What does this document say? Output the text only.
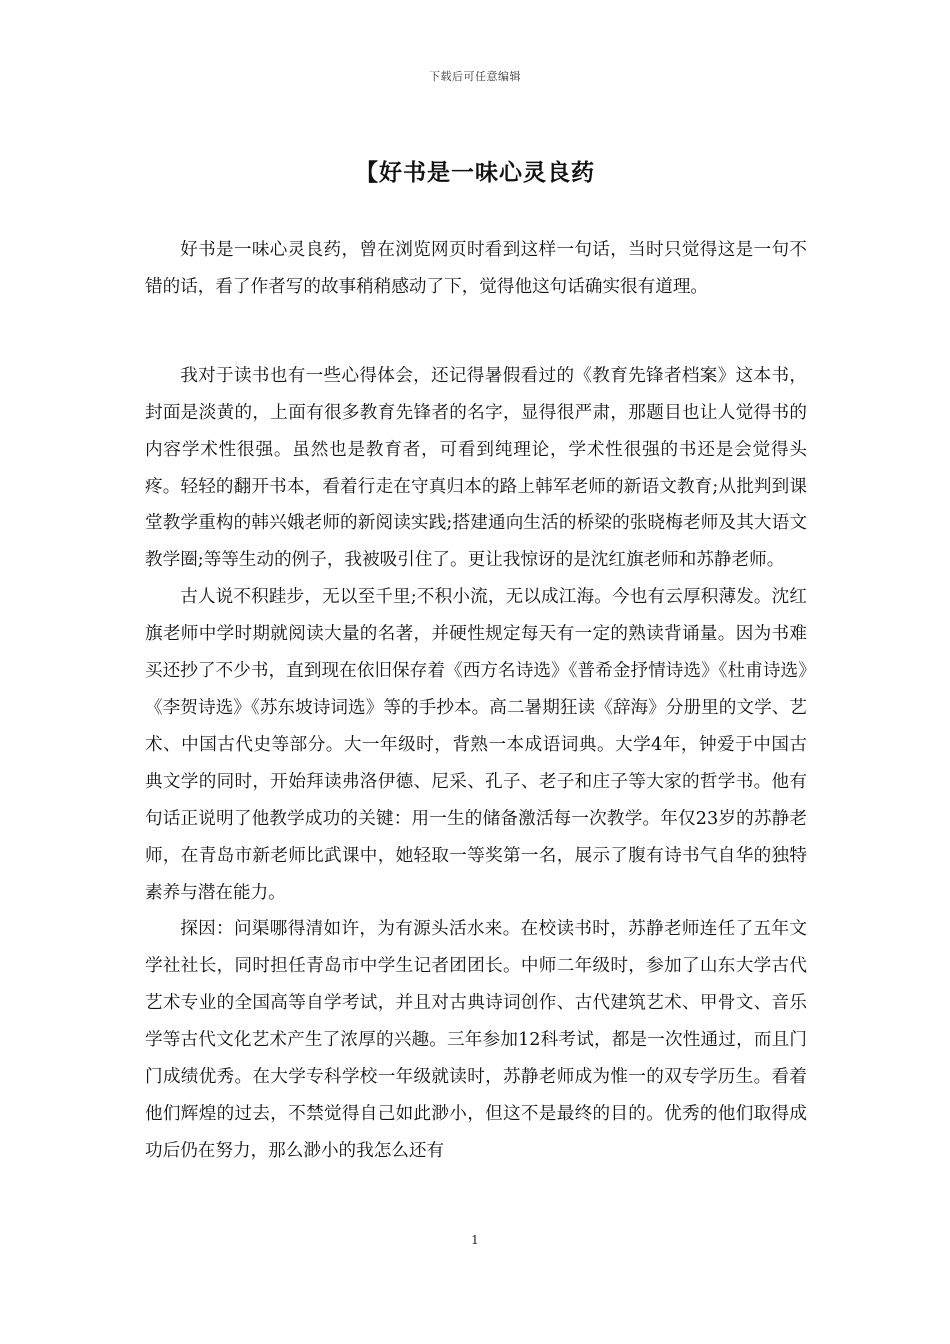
下载后可任意编辑
【好书是一味心灵良药

好书是一味心灵良药，曾在浏览网页时看到这样一句话，当时只觉得这是一句不错的话，看了作者写的故事稍稍感动了下，觉得他这句话确实很有道理。

我对于读书也有一些心得体会，还记得暑假看过的《教育先锋者档案》这本书，封面是淡黄的，上面有很多教育先锋者的名字，显得很严肃，那题目也让人觉得书的内容学术性很强。虽然也是教育者，可看到纯理论，学术性很强的书还是会觉得头疼。轻轻的翻开书本，看着行走在守真归本的路上韩军老师的新语文教育;从批判到课堂教学重构的韩兴娥老师的新阅读实践;搭建通向生活的桥梁的张晓梅老师及其大语文教学圈;等等生动的例子，我被吸引住了。更让我惊讶的是沈红旗老师和苏静老师。

古人说不积跬步，无以至千里;不积小流，无以成江海。今也有云厚积薄发。沈红旗老师中学时期就阅读大量的名著，并硬性规定每天有一定的熟读背诵量。因为书难买还抄了不少书，直到现在依旧保存着《西方名诗选》《普希金抒情诗选》《杜甫诗选》《李贺诗选》《苏东坡诗词选》等的手抄本。高二暑期狂读《辞海》分册里的文学、艺术、中国古代史等部分。大一年级时，背熟一本成语词典。大学4年，钟爱于中国古典文学的同时，开始拜读弗洛伊德、尼采、孔子、老子和庄子等大家的哲学书。他有句话正说明了他教学成功的关键：用一生的储备激活每一次教学。年仅23岁的苏静老师，在青岛市新老师比武课中，她轻取一等奖第一名，展示了腹有诗书气自华的独特素养与潜在能力。

探因：问渠哪得清如许，为有源头活水来。在校读书时，苏静老师连任了五年文学社社长，同时担任青岛市中学生记者团团长。中师二年级时，参加了山东大学古代艺术专业的全国高等自学考试，并且对古典诗词创作、古代建筑艺术、甲骨文、音乐学等古代文化艺术产生了浓厚的兴趣。三年参加12科考试，都是一次性通过，而且门门成绩优秀。在大学专科学校一年级就读时，苏静老师成为惟一的双专学历生。看着他们辉煌的过去，不禁觉得自己如此渺小，但这不是最终的目的。优秀的他们取得成功后仍在努力，那么渺小的我怎么还有

1
